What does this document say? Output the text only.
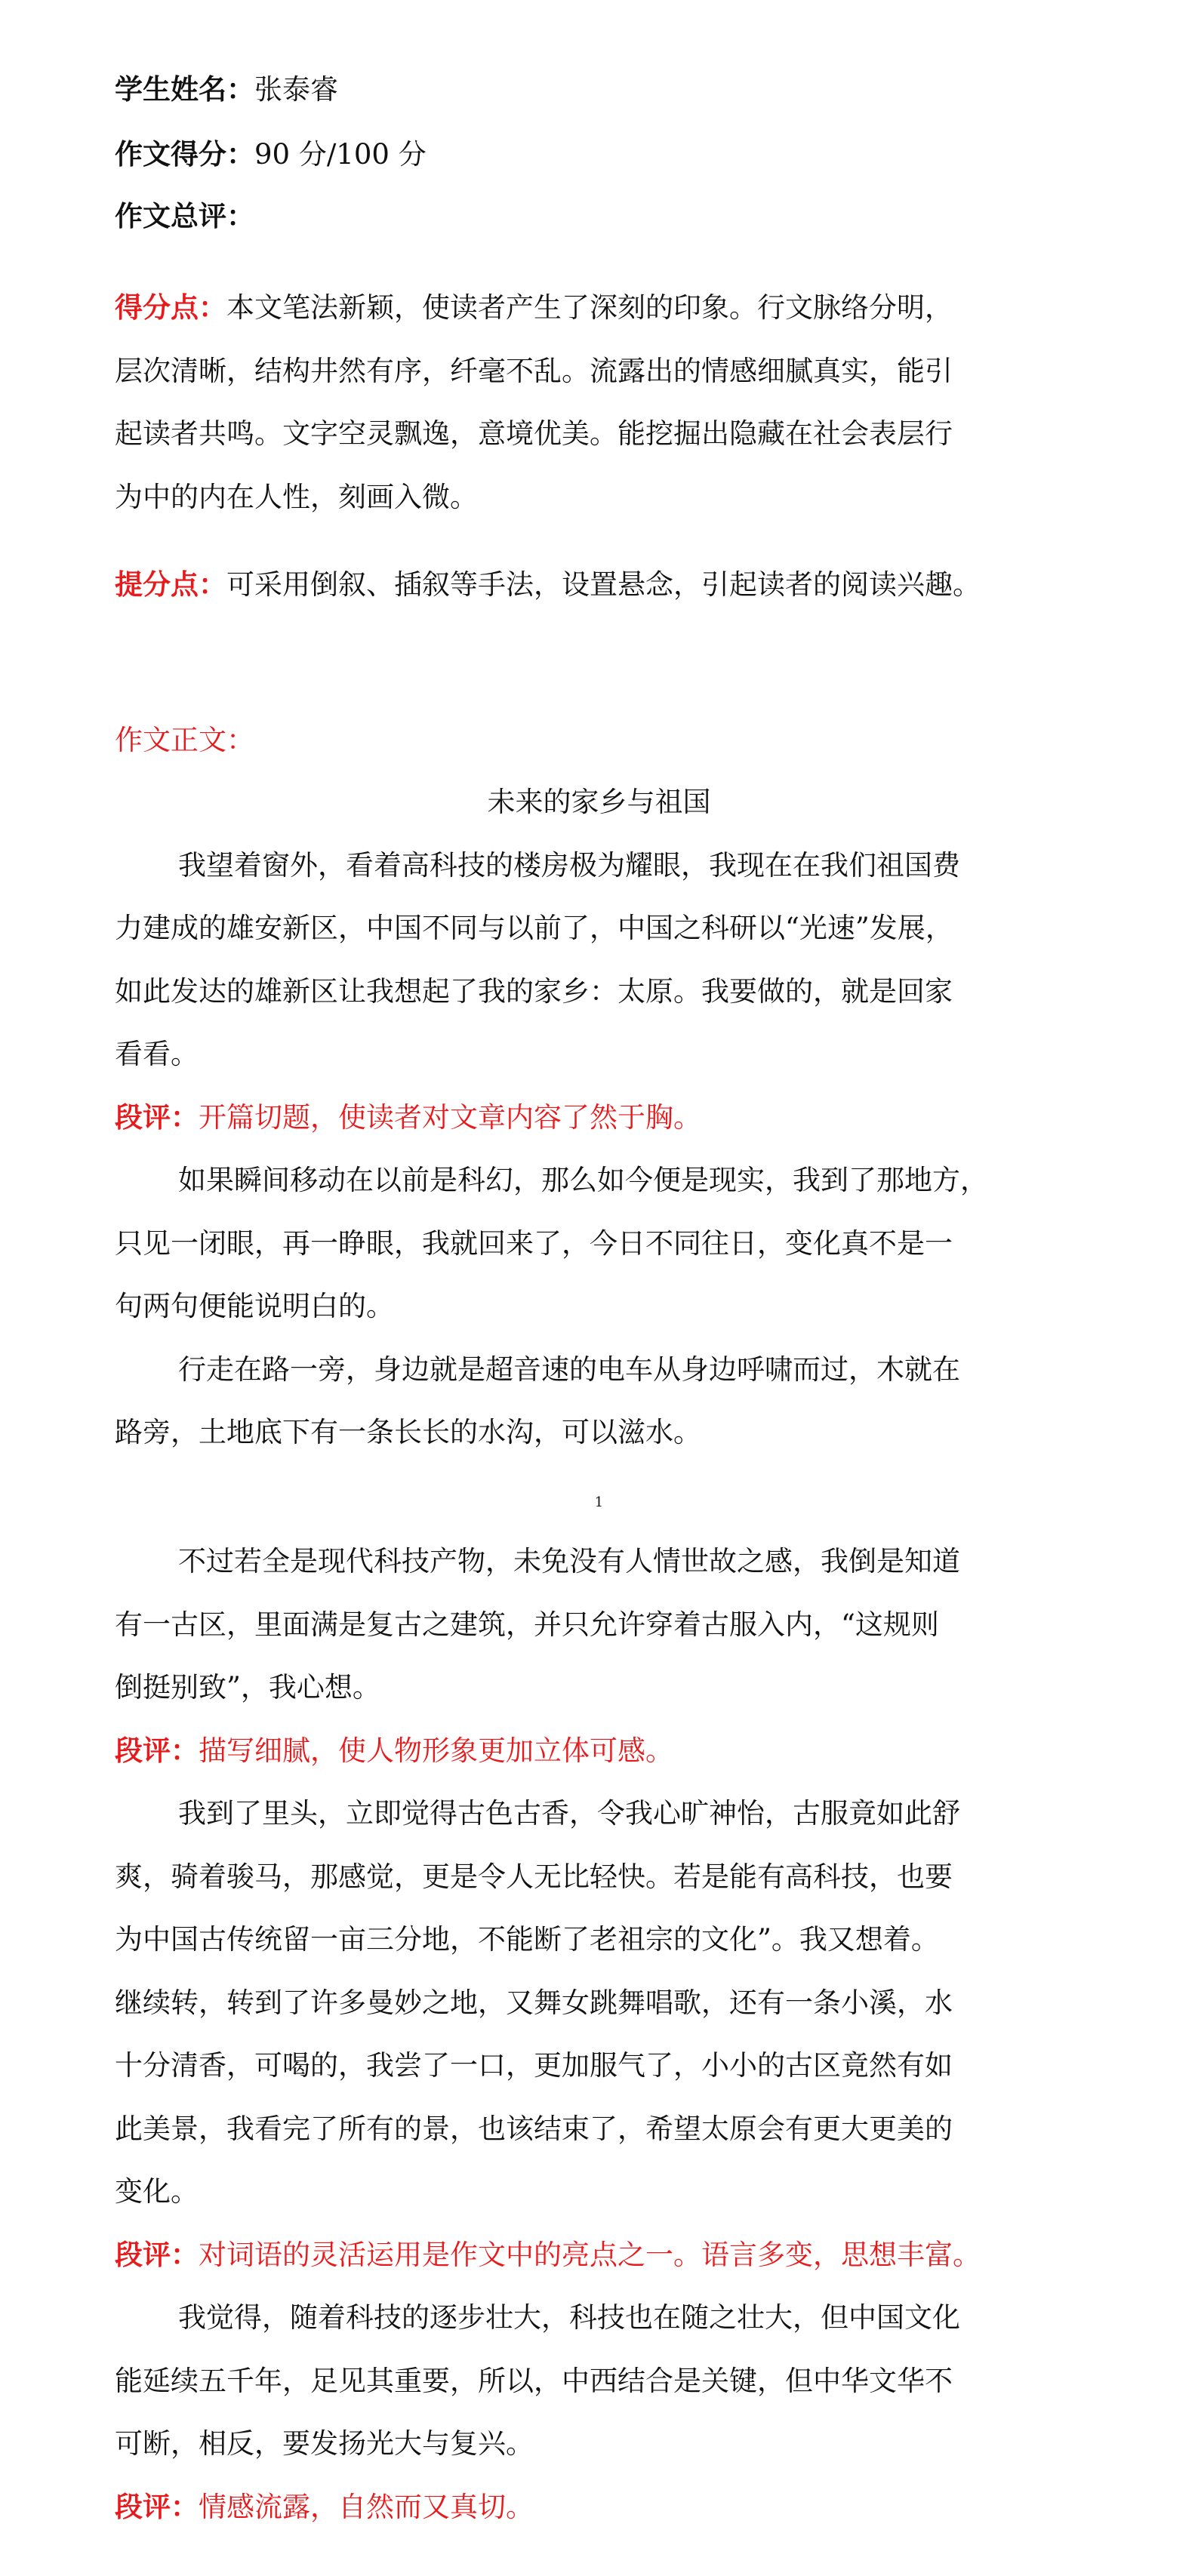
学生姓名：张泰睿

作文得分：90 分/100 分

作文总评：

得分点：本文笔法新颖，使读者产生了深刻的印象。行文脉络分明，

层次清晰，结构井然有序，纤毫不乱。流露出的情感细腻真实，能引

起读者共鸣。文字空灵飘逸，意境优美。能挖掘出隐藏在社会表层行

为中的内在人性，刻画入微。

提分点：可采用倒叙、插叙等手法，设置悬念，引起读者的阅读兴趣。

作文正文：

未来的家乡与祖国

我望着窗外，看着高科技的楼房极为耀眼，我现在在我们祖国费

力建成的雄安新区，中国不同与以前了，中国之科研以“光速”发展，

如此发达的雄新区让我想起了我的家乡：太原。我要做的，就是回家

看看。

段评：开篇切题，使读者对文章内容了然于胸。

如果瞬间移动在以前是科幻，那么如今便是现实，我到了那地方，

只见一闭眼，再一睁眼，我就回来了，今日不同往日，变化真不是一

句两句便能说明白的。

行走在路一旁，身边就是超音速的电车从身边呼啸而过，木就在

路旁，土地底下有一条长长的水沟，可以滋水。

1

不过若全是现代科技产物，未免没有人情世故之感，我倒是知道

有一古区，里面满是复古之建筑，并只允许穿着古服入内，“这规则

倒挺别致”，我心想。

段评：描写细腻，使人物形象更加立体可感。

我到了里头，立即觉得古色古香，令我心旷神怡，古服竟如此舒

爽，骑着骏马，那感觉，更是令人无比轻快。若是能有高科技，也要

为中国古传统留一亩三分地，不能断了老祖宗的文化”。我又想着。

继续转，转到了许多曼妙之地，又舞女跳舞唱歌，还有一条小溪，水

十分清香，可喝的，我尝了一口，更加服气了，小小的古区竟然有如

此美景，我看完了所有的景，也该结束了，希望太原会有更大更美的

变化。

段评：对词语的灵活运用是作文中的亮点之一。语言多变，思想丰富。

我觉得，随着科技的逐步壮大，科技也在随之壮大，但中国文化

能延续五千年，足见其重要，所以，中西结合是关键，但中华文华不

可断，相反，要发扬光大与复兴。

段评：情感流露，自然而又真切。
